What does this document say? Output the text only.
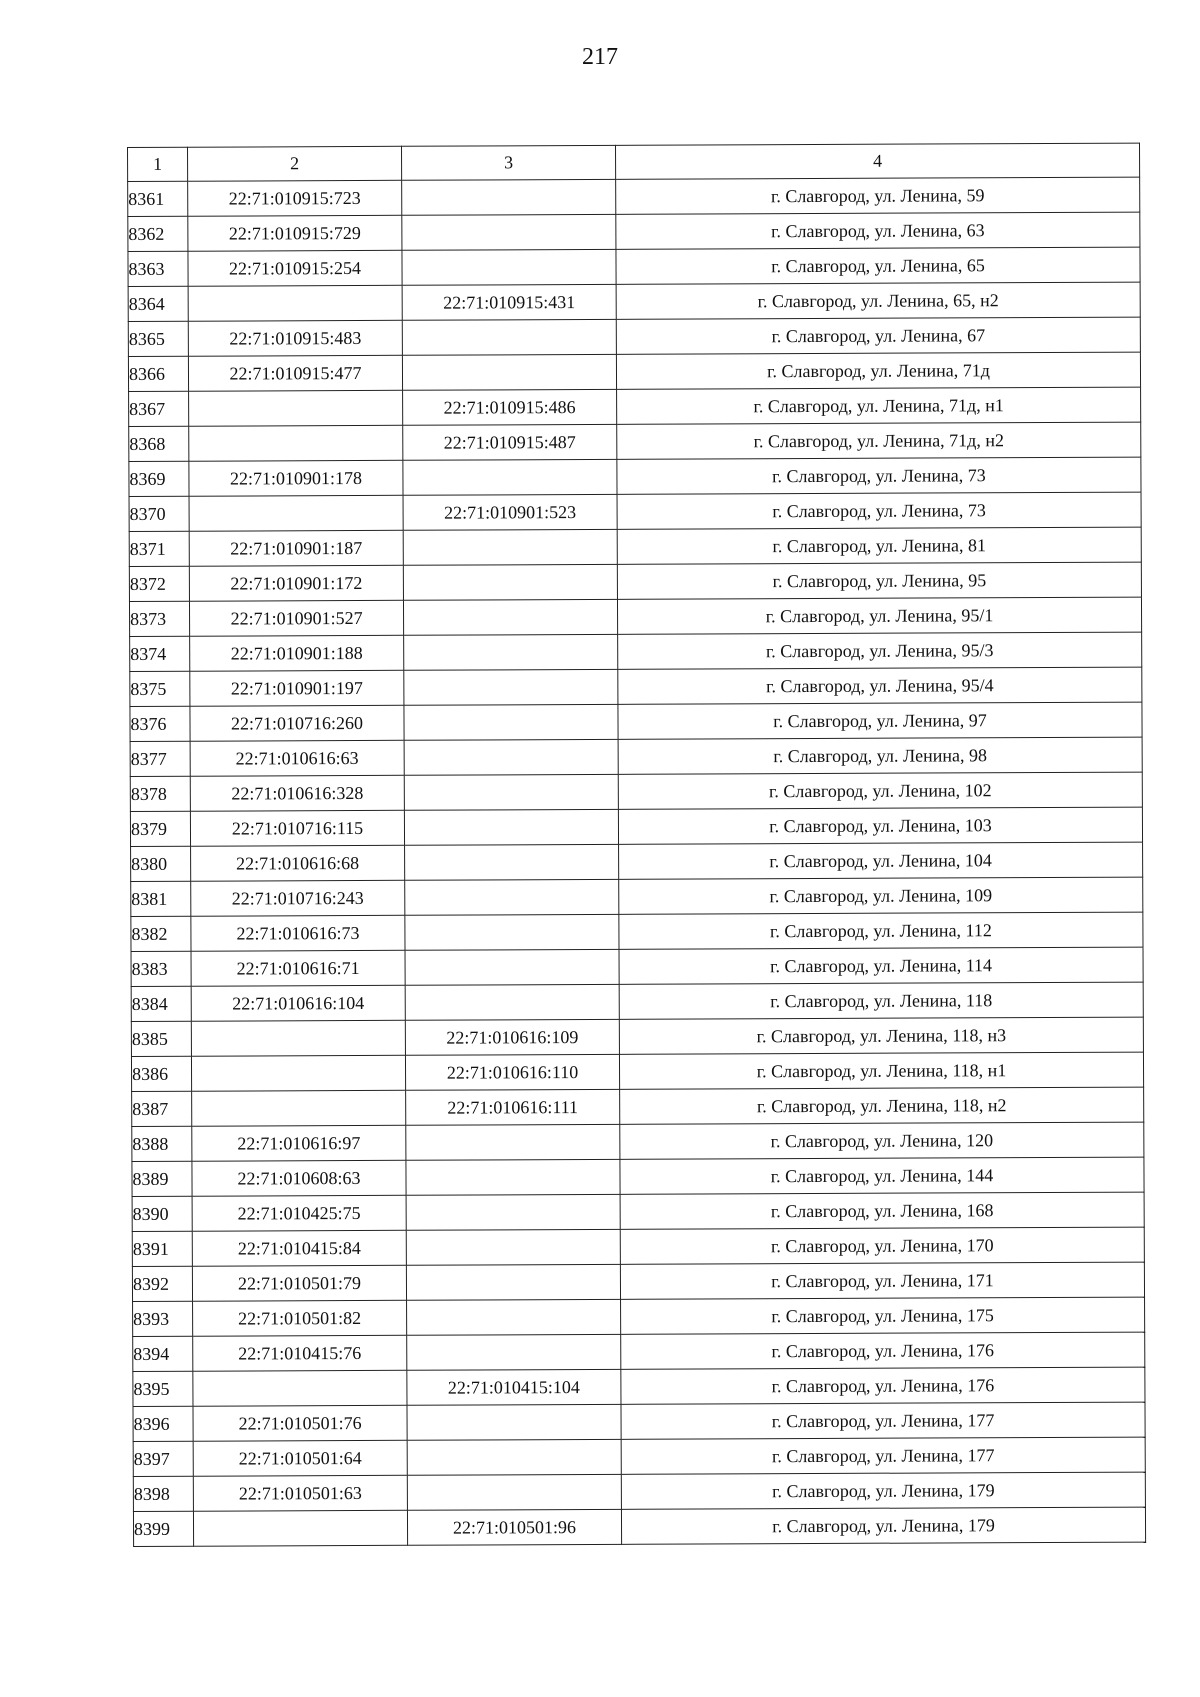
217
1	2	3	4
8361	22:71:010915:723		г. Славгород, ул. Ленина, 59
8362	22:71:010915:729		г. Славгород, ул. Ленина, 63
8363	22:71:010915:254		г. Славгород, ул. Ленина, 65
8364		22:71:010915:431	г. Славгород, ул. Ленина, 65, н2
8365	22:71:010915:483		г. Славгород, ул. Ленина, 67
8366	22:71:010915:477		г. Славгород, ул. Ленина, 71д
8367		22:71:010915:486	г. Славгород, ул. Ленина, 71д, н1
8368		22:71:010915:487	г. Славгород, ул. Ленина, 71д, н2
8369	22:71:010901:178		г. Славгород, ул. Ленина, 73
8370		22:71:010901:523	г. Славгород, ул. Ленина, 73
8371	22:71:010901:187		г. Славгород, ул. Ленина, 81
8372	22:71:010901:172		г. Славгород, ул. Ленина, 95
8373	22:71:010901:527		г. Славгород, ул. Ленина, 95/1
8374	22:71:010901:188		г. Славгород, ул. Ленина, 95/3
8375	22:71:010901:197		г. Славгород, ул. Ленина, 95/4
8376	22:71:010716:260		г. Славгород, ул. Ленина, 97
8377	22:71:010616:63		г. Славгород, ул. Ленина, 98
8378	22:71:010616:328		г. Славгород, ул. Ленина, 102
8379	22:71:010716:115		г. Славгород, ул. Ленина, 103
8380	22:71:010616:68		г. Славгород, ул. Ленина, 104
8381	22:71:010716:243		г. Славгород, ул. Ленина, 109
8382	22:71:010616:73		г. Славгород, ул. Ленина, 112
8383	22:71:010616:71		г. Славгород, ул. Ленина, 114
8384	22:71:010616:104		г. Славгород, ул. Ленина, 118
8385		22:71:010616:109	г. Славгород, ул. Ленина, 118, н3
8386		22:71:010616:110	г. Славгород, ул. Ленина, 118, н1
8387		22:71:010616:111	г. Славгород, ул. Ленина, 118, н2
8388	22:71:010616:97		г. Славгород, ул. Ленина, 120
8389	22:71:010608:63		г. Славгород, ул. Ленина, 144
8390	22:71:010425:75		г. Славгород, ул. Ленина, 168
8391	22:71:010415:84		г. Славгород, ул. Ленина, 170
8392	22:71:010501:79		г. Славгород, ул. Ленина, 171
8393	22:71:010501:82		г. Славгород, ул. Ленина, 175
8394	22:71:010415:76		г. Славгород, ул. Ленина, 176
8395		22:71:010415:104	г. Славгород, ул. Ленина, 176
8396	22:71:010501:76		г. Славгород, ул. Ленина, 177
8397	22:71:010501:64		г. Славгород, ул. Ленина, 177
8398	22:71:010501:63		г. Славгород, ул. Ленина, 179
8399		22:71:010501:96	г. Славгород, ул. Ленина, 179
